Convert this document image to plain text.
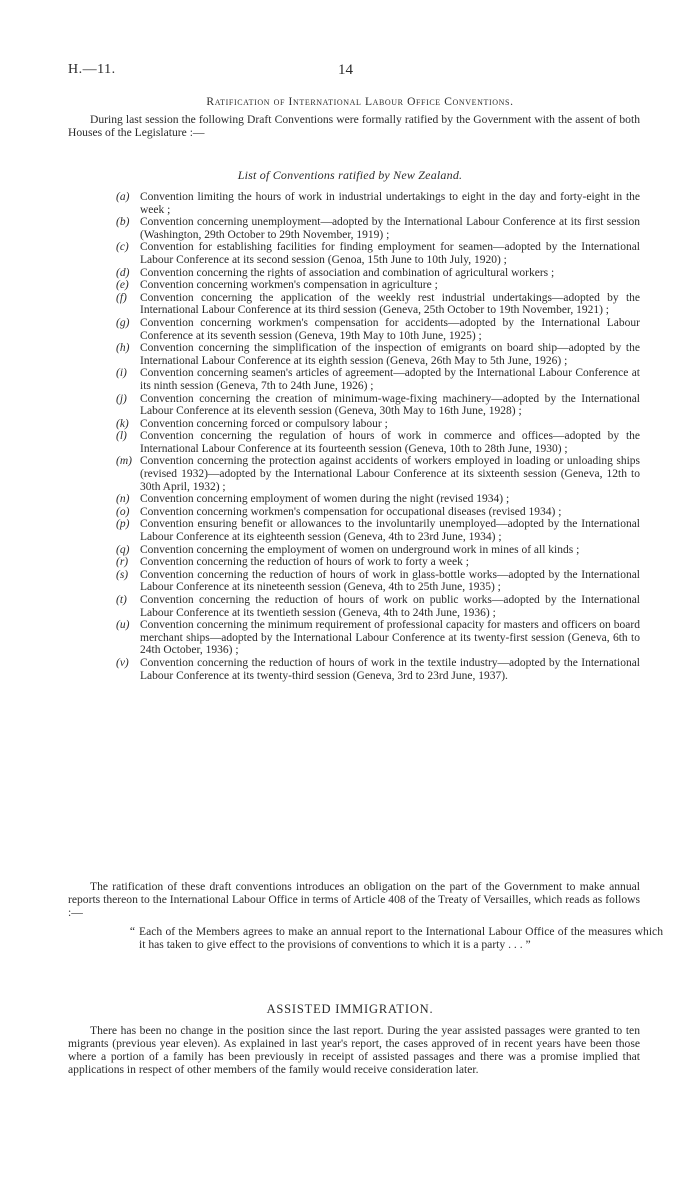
H.—11.	14
Ratification of International Labour Office Conventions.
During last session the following Draft Conventions were formally ratified by the Government with the assent of both Houses of the Legislature :—
List of Conventions ratified by New Zealand.
(a) Convention limiting the hours of work in industrial undertakings to eight in the day and forty-eight in the week ;
(b) Convention concerning unemployment—adopted by the International Labour Conference at its first session (Washington, 29th October to 29th November, 1919) ;
(c) Convention for establishing facilities for finding employment for seamen—adopted by the International Labour Conference at its second session (Genoa, 15th June to 10th July, 1920) ;
(d) Convention concerning the rights of association and combination of agricultural workers ;
(e) Convention concerning workmen's compensation in agriculture ;
(f) Convention concerning the application of the weekly rest industrial undertakings—adopted by the International Labour Conference at its third session (Geneva, 25th October to 19th November, 1921) ;
(g) Convention concerning workmen's compensation for accidents—adopted by the International Labour Conference at its seventh session (Geneva, 19th May to 10th June, 1925) ;
(h) Convention concerning the simplification of the inspection of emigrants on board ship—adopted by the International Labour Conference at its eighth session (Geneva, 26th May to 5th June, 1926) ;
(i) Convention concerning seamen's articles of agreement—adopted by the International Labour Conference at its ninth session (Geneva, 7th to 24th June, 1926) ;
(j) Convention concerning the creation of minimum-wage-fixing machinery—adopted by the International Labour Conference at its eleventh session (Geneva, 30th May to 16th June, 1928) ;
(k) Convention concerning forced or compulsory labour ;
(l) Convention concerning the regulation of hours of work in commerce and offices—adopted by the International Labour Conference at its fourteenth session (Geneva, 10th to 28th June, 1930) ;
(m) Convention concerning the protection against accidents of workers employed in loading or unloading ships (revised 1932)—adopted by the International Labour Conference at its sixteenth session (Geneva, 12th to 30th April, 1932) ;
(n) Convention concerning employment of women during the night (revised 1934) ;
(o) Convention concerning workmen's compensation for occupational diseases (revised 1934) ;
(p) Convention ensuring benefit or allowances to the involuntarily unemployed—adopted by the International Labour Conference at its eighteenth session (Geneva, 4th to 23rd June, 1934) ;
(q) Convention concerning the employment of women on underground work in mines of all kinds ;
(r) Convention concerning the reduction of hours of work to forty a week ;
(s) Convention concerning the reduction of hours of work in glass-bottle works—adopted by the International Labour Conference at its nineteenth session (Geneva, 4th to 25th June, 1935) ;
(t) Convention concerning the reduction of hours of work on public works—adopted by the International Labour Conference at its twentieth session (Geneva, 4th to 24th June, 1936) ;
(u) Convention concerning the minimum requirement of professional capacity for masters and officers on board merchant ships—adopted by the International Labour Conference at its twenty-first session (Geneva, 6th to 24th October, 1936) ;
(v) Convention concerning the reduction of hours of work in the textile industry—adopted by the International Labour Conference at its twenty-third session (Geneva, 3rd to 23rd June, 1937).
The ratification of these draft conventions introduces an obligation on the part of the Government to make annual reports thereon to the International Labour Office in terms of Article 408 of the Treaty of Versailles, which reads as follows :—
“ Each of the Members agrees to make an annual report to the International Labour Office of the measures which it has taken to give effect to the provisions of conventions to which it is a party . . . ”
ASSISTED IMMIGRATION.
There has been no change in the position since the last report. During the year assisted passages were granted to ten migrants (previous year eleven). As explained in last year's report, the cases approved of in recent years have been those where a portion of a family has been previously in receipt of assisted passages and there was a promise implied that applications in respect of other members of the family would receive consideration later.
